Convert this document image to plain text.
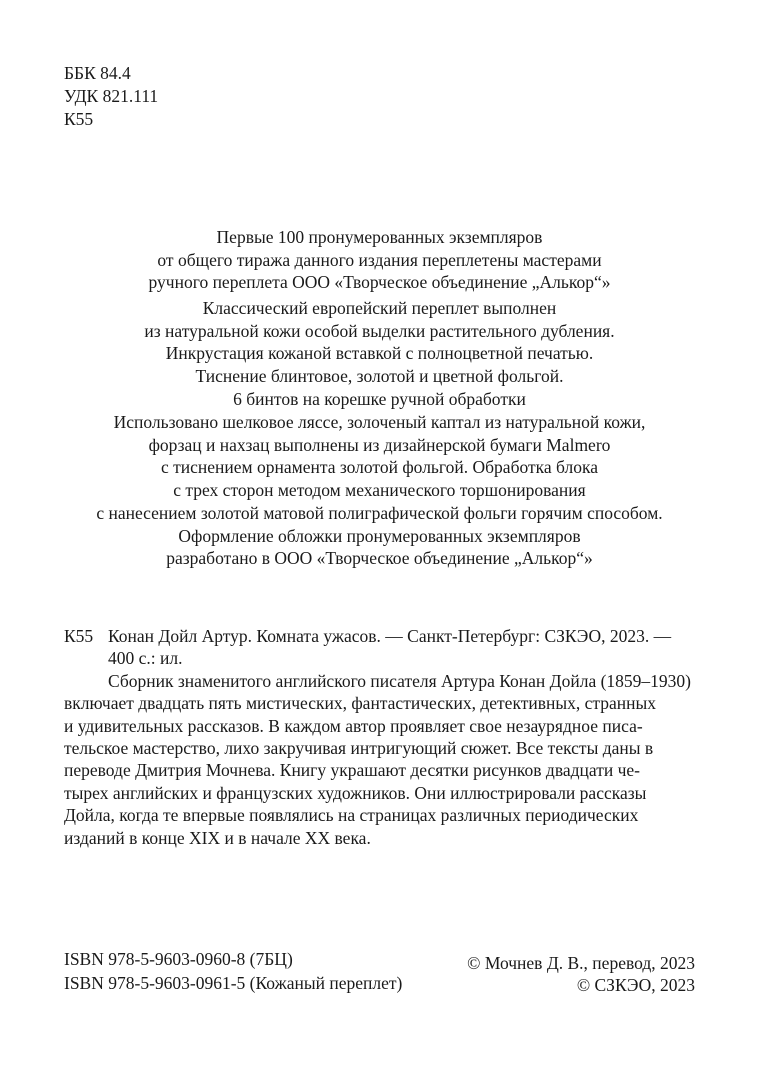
ББК 84.4
УДК 821.111
К55
Первые 100 пронумерованных экземпляров
от общего тиража данного издания переплетены мастерами
ручного переплета ООО «Творческое объединение „Алькор“»
Классический европейский переплет выполнен
из натуральной кожи особой выделки растительного дубления.
Инкрустация кожаной вставкой с полноцветной печатью.
Тиснение блинтовое, золотой и цветной фольгой.
6 бинтов на корешке ручной обработки
Использовано шелковое ляссе, золоченый каптал из натуральной кожи,
форзац и нахзац выполнены из дизайнерской бумаги Malmero
с тиснением орнамента золотой фольгой. Обработка блока
с трех сторон методом механического торшонирования
с нанесением золотой матовой полиграфической фольги горячим способом.
Оформление обложки пронумерованных экземпляров
разработано в ООО «Творческое объединение „Алькор“»
К55 Конан Дойл Артур. Комната ужасов. — Санкт-Петербург: СЗКЭО, 2023. —
400 с.: ил.
Сборник знаменитого английского писателя Артура Конан Дойла (1859–1930)
включает двадцать пять мистических, фантастических, детективных, странных
и удивительных рассказов. В каждом автор проявляет свое незаурядное писа-
тельское мастерство, лихо закручивая интригующий сюжет. Все тексты даны в
переводе Дмитрия Мочнева. Книгу украшают десятки рисунков двадцати че-
тырех английских и французских художников. Они иллюстрировали рассказы
Дойла, когда те впервые появлялись на страницах различных периодических
изданий в конце XIX и в начале XX века.
ISBN 978-5-9603-0960-8 (7БЦ)
ISBN 978-5-9603-0961-5 (Кожаный переплет)
© Мочнев Д. В., перевод, 2023
© СЗКЭО, 2023
